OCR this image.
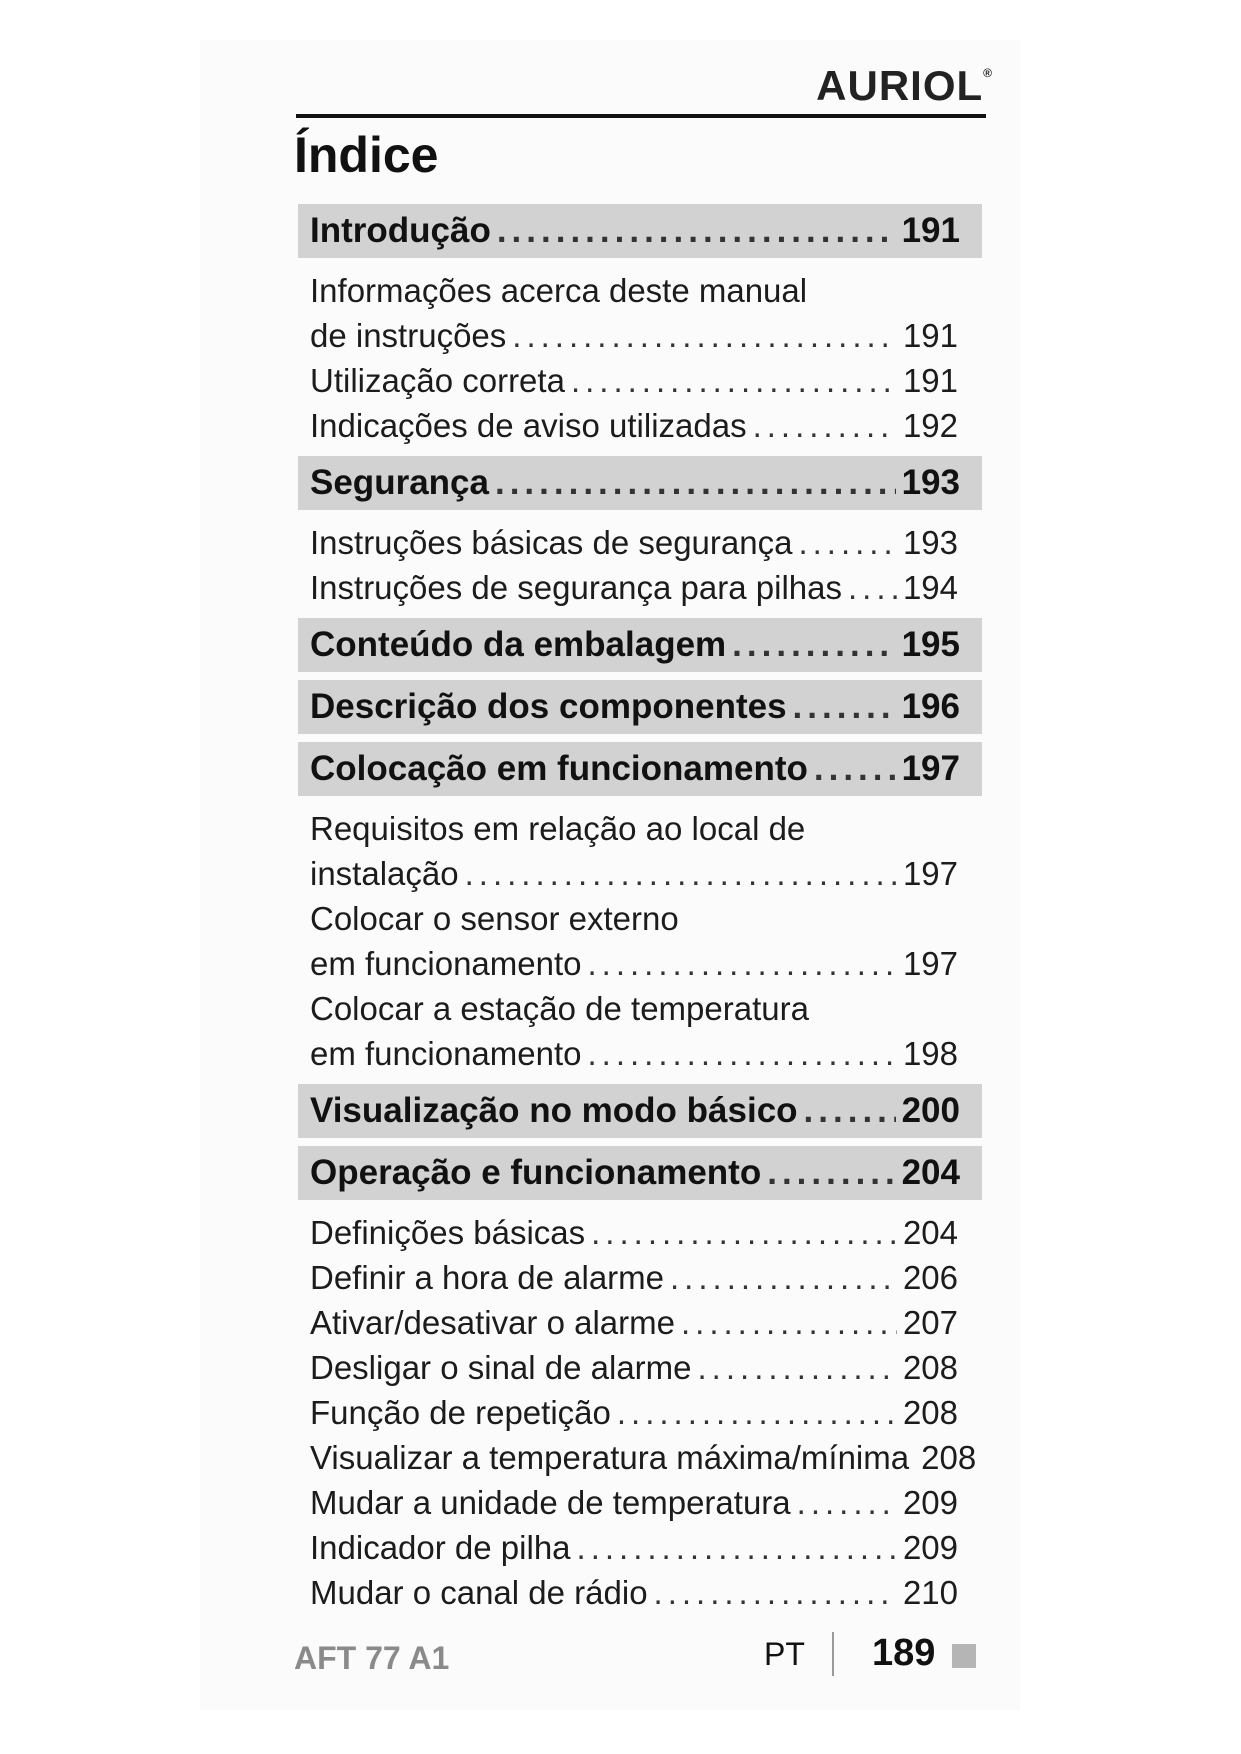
AURIOL®
Índice
Introdução .....	191
Informações acerca deste manual
de instruções .....	191
Utilização correta .....	191
Indicações de aviso utilizadas .....	192
Segurança .....	193
Instruções básicas de segurança .....	193
Instruções de segurança para pilhas ..... 194
Conteúdo da embalagem .....	195
Descrição dos componentes .....	196
Colocação em funcionamento .....	197
Requisitos em relação ao local de
instalação .....	197
Colocar o sensor externo
em funcionamento .....	197
Colocar a estação de temperatura
em funcionamento .....	198
Visualização no modo básico .....	200
Operação e funcionamento .....	204
Definições básicas .....	204
Definir a hora de alarme .....	206
Ativar/desativar o alarme .....	207
Desligar o sinal de alarme .....	208
Função de repetição .....	208
Visualizar a temperatura máxima/mínima 208
Mudar a unidade de temperatura .....	209
Indicador de pilha .....	209
Mudar o canal de rádio .....	210
AFT 77 A1	PT 189
